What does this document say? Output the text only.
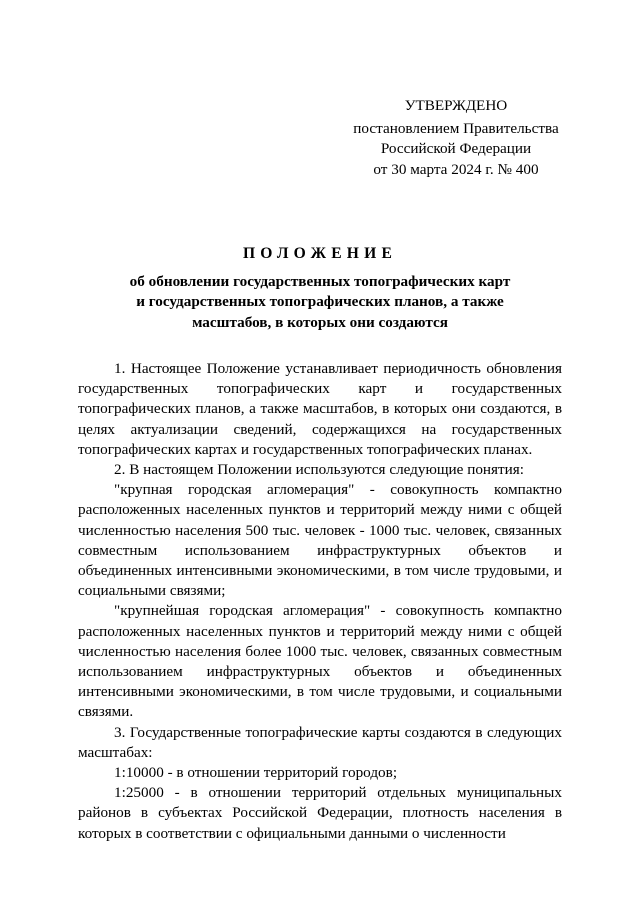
УТВЕРЖДЕНО
постановлением Правительства
Российской Федерации
от 30 марта 2024 г. № 400
ПОЛОЖЕНИЕ
об обновлении государственных топографических карт
и государственных топографических планов, а также
масштабов, в которых они создаются

1. Настоящее Положение устанавливает периодичность обновления государственных топографических карт и государственных топографических планов, а также масштабов, в которых они создаются, в целях актуализации сведений, содержащихся на государственных топографических картах и государственных топографических планах.

2. В настоящем Положении используются следующие понятия:

"крупная городская агломерация" - совокупность компактно расположенных населенных пунктов и территорий между ними с общей численностью населения 500 тыс. человек - 1000 тыс. человек, связанных совместным использованием инфраструктурных объектов и объединенных интенсивными экономическими, в том числе трудовыми, и социальными связями;

"крупнейшая городская агломерация" - совокупность компактно расположенных населенных пунктов и территорий между ними с общей численностью населения более 1000 тыс. человек, связанных совместным использованием инфраструктурных объектов и объединенных интенсивными экономическими, в том числе трудовыми, и социальными связями.

3. Государственные топографические карты создаются в следующих масштабах:

1:10000 - в отношении территорий городов;

1:25000 - в отношении территорий отдельных муниципальных районов в субъектах Российской Федерации, плотность населения в которых в соответствии с официальными данными о численности
